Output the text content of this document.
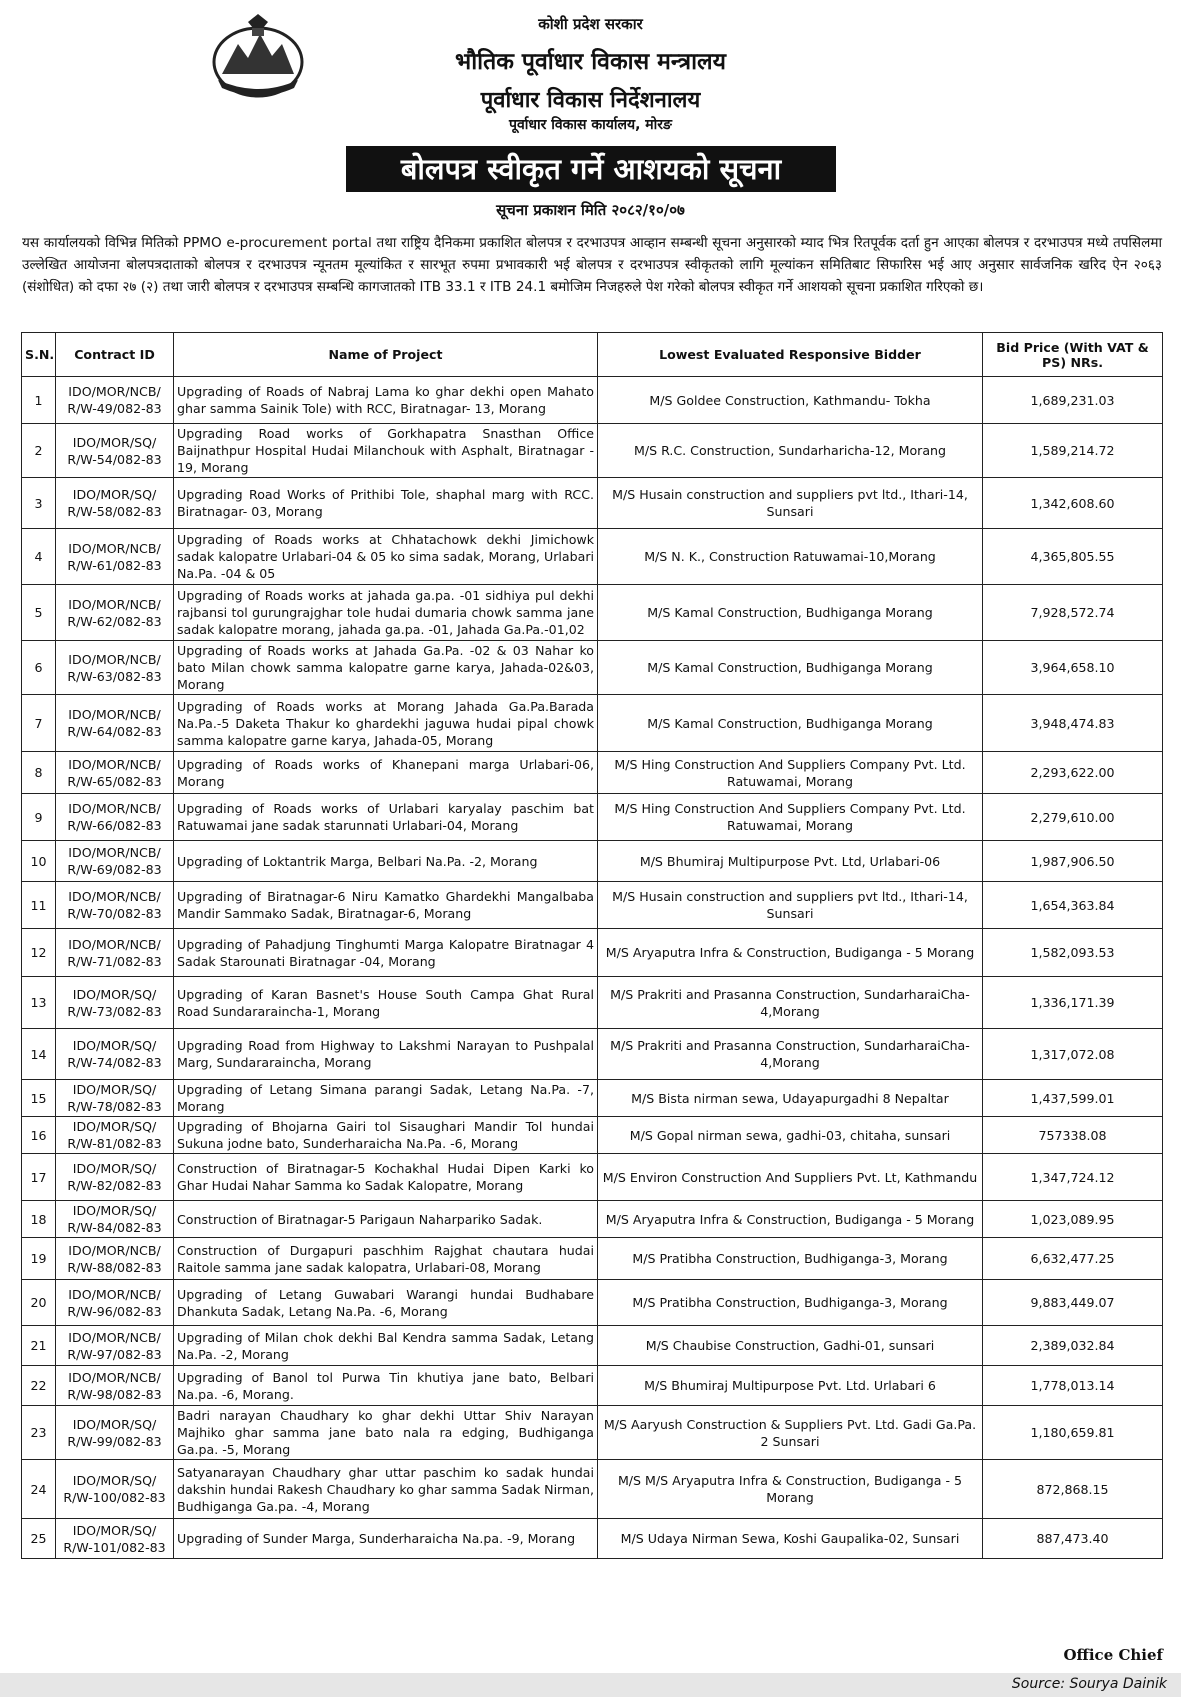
कोशी प्रदेश सरकार
भौतिक पूर्वाधार विकास मन्त्रालय
पूर्वाधार विकास निर्देशनालय
पूर्वाधार विकास कार्यालय, मोरङ
बोलपत्र स्वीकृत गर्ने आशयको सूचना
सूचना प्रकाशन मिति २०८२/१०/०७
यस कार्यालयको विभिन्न मितिको PPMO e-procurement portal तथा राष्ट्रिय दैनिकमा प्रकाशित बोलपत्र र दरभाउपत्र आव्हान सम्बन्धी सूचना अनुसारको म्याद भित्र रितपूर्वक दर्ता हुन आएका बोलपत्र र दरभाउपत्र मध्ये तपसिलमा उल्लेखित आयोजना बोलपत्रदाताको बोलपत्र र दरभाउपत्र न्यूनतम मूल्यांकित र सारभूत रुपमा प्रभावकारी भई बोलपत्र र दरभाउपत्र स्वीकृतको लागि मूल्यांकन समितिबाट सिफारिस भई आए अनुसार सार्वजनिक खरिद ऐन २०६३ (संशोधित) को दफा २७ (२) तथा जारी बोलपत्र र दरभाउपत्र सम्बन्धि कागजातको ITB 33.1 र ITB 24.1 बमोजिम निजहरुले पेश गरेको बोलपत्र स्वीकृत गर्ने आशयको सूचना प्रकाशित गरिएको छ।
S.N.	Contract ID	Name of Project	Lowest Evaluated Responsive Bidder	Bid Price (With VAT & PS) NRs.
1	IDO/MOR/NCB/ R/W-49/082-83	Upgrading of Roads of Nabraj Lama ko ghar dekhi open Mahato ghar samma Sainik Tole) with RCC, Biratnagar- 13, Morang	M/S Goldee Construction, Kathmandu- Tokha	1,689,231.03
2	IDO/MOR/SQ/ R/W-54/082-83	Upgrading Road works of Gorkhapatra Snasthan Office Baijnathpur Hospital Hudai Milanchouk with Asphalt, Biratnagar - 19, Morang	M/S R.C. Construction, Sundarharicha-12, Morang	1,589,214.72
3	IDO/MOR/SQ/ R/W-58/082-83	Upgrading Road Works of Prithibi Tole, shaphal marg with RCC. Biratnagar- 03, Morang	M/S Husain construction and suppliers pvt ltd., Ithari-14, Sunsari	1,342,608.60
4	IDO/MOR/NCB/ R/W-61/082-83	Upgrading of Roads works at Chhatachowk dekhi Jimichowk sadak kalopatre Urlabari-04 & 05 ko sima sadak, Morang, Urlabari Na.Pa. -04 & 05	M/S N. K., Construction Ratuwamai-10,Morang	4,365,805.55
5	IDO/MOR/NCB/ R/W-62/082-83	Upgrading of Roads works at jahada ga.pa. -01 sidhiya pul dekhi rajbansi tol gurungrajghar tole hudai dumaria chowk samma jane sadak kalopatre morang, jahada ga.pa. -01, Jahada Ga.Pa.-01,02	M/S Kamal Construction, Budhiganga Morang	7,928,572.74
6	IDO/MOR/NCB/ R/W-63/082-83	Upgrading of Roads works at Jahada Ga.Pa. -02 & 03 Nahar ko bato Milan chowk samma kalopatre garne karya, Jahada-02&03, Morang	M/S Kamal Construction, Budhiganga Morang	3,964,658.10
7	IDO/MOR/NCB/ R/W-64/082-83	Upgrading of Roads works at Morang Jahada Ga.Pa.Barada Na.Pa.-5 Daketa Thakur ko ghardekhi jaguwa hudai pipal chowk samma kalopatre garne karya, Jahada-05, Morang	M/S Kamal Construction, Budhiganga Morang	3,948,474.83
8	IDO/MOR/NCB/ R/W-65/082-83	Upgrading of Roads works of Khanepani marga Urlabari-06, Morang	M/S Hing Construction And Suppliers Company Pvt. Ltd. Ratuwamai, Morang	2,293,622.00
9	IDO/MOR/NCB/ R/W-66/082-83	Upgrading of Roads works of Urlabari karyalay paschim bat Ratuwamai jane sadak starunnati Urlabari-04, Morang	M/S Hing Construction And Suppliers Company Pvt. Ltd. Ratuwamai, Morang	2,279,610.00
10	IDO/MOR/NCB/ R/W-69/082-83	Upgrading of Loktantrik Marga, Belbari Na.Pa. -2, Morang	M/S Bhumiraj Multipurpose Pvt. Ltd, Urlabari-06	1,987,906.50
11	IDO/MOR/NCB/ R/W-70/082-83	Upgrading of Biratnagar-6 Niru Kamatko Ghardekhi Mangalbaba Mandir Sammako Sadak, Biratnagar-6, Morang	M/S Husain construction and suppliers pvt ltd., Ithari-14, Sunsari	1,654,363.84
12	IDO/MOR/NCB/ R/W-71/082-83	Upgrading of Pahadjung Tinghumti Marga Kalopatre Biratnagar 4 Sadak Starounati Biratnagar -04, Morang	M/S Aryaputra Infra & Construction, Budiganga - 5 Morang	1,582,093.53
13	IDO/MOR/SQ/ R/W-73/082-83	Upgrading of Karan Basnet's House South Campa Ghat Rural Road Sundararaincha-1, Morang	M/S Prakriti and Prasanna Construction, SundarharaiCha- 4,Morang	1,336,171.39
14	IDO/MOR/SQ/ R/W-74/082-83	Upgrading Road from Highway to Lakshmi Narayan to Pushpalal Marg, Sundararaincha, Morang	M/S Prakriti and Prasanna Construction, SundarharaiCha- 4,Morang	1,317,072.08
15	IDO/MOR/SQ/ R/W-78/082-83	Upgrading of Letang Simana parangi Sadak, Letang Na.Pa. -7, Morang	M/S Bista nirman sewa, Udayapurgadhi 8 Nepaltar	1,437,599.01
16	IDO/MOR/SQ/ R/W-81/082-83	Upgrading of Bhojarna Gairi tol Sisaughari Mandir Tol hundai Sukuna jodne bato, Sunderharaicha Na.Pa. -6, Morang	M/S Gopal nirman sewa, gadhi-03, chitaha, sunsari	757338.08
17	IDO/MOR/SQ/ R/W-82/082-83	Construction of Biratnagar-5 Kochakhal Hudai Dipen Karki ko Ghar Hudai Nahar Samma ko Sadak Kalopatre, Morang	M/S Environ Construction And Suppliers Pvt. Lt, Kathmandu	1,347,724.12
18	IDO/MOR/SQ/ R/W-84/082-83	Construction of Biratnagar-5 Parigaun Naharpariko Sadak.	M/S Aryaputra Infra & Construction, Budiganga - 5 Morang	1,023,089.95
19	IDO/MOR/NCB/ R/W-88/082-83	Construction of Durgapuri paschhim Rajghat chautara hudai Raitole samma jane sadak kalopatra, Urlabari-08, Morang	M/S Pratibha Construction, Budhiganga-3, Morang	6,632,477.25
20	IDO/MOR/NCB/ R/W-96/082-83	Upgrading of Letang Guwabari Warangi hundai Budhabare Dhankuta Sadak, Letang Na.Pa. -6, Morang	M/S Pratibha Construction, Budhiganga-3, Morang	9,883,449.07
21	IDO/MOR/NCB/ R/W-97/082-83	Upgrading of Milan chok dekhi Bal Kendra samma Sadak, Letang Na.Pa. -2, Morang	M/S Chaubise Construction, Gadhi-01, sunsari	2,389,032.84
22	IDO/MOR/NCB/ R/W-98/082-83	Upgrading of Banol tol Purwa Tin khutiya jane bato, Belbari Na.pa. -6, Morang.	M/S Bhumiraj Multipurpose Pvt. Ltd. Urlabari 6	1,778,013.14
23	IDO/MOR/SQ/ R/W-99/082-83	Badri narayan Chaudhary ko ghar dekhi Uttar Shiv Narayan Majhiko ghar samma jane bato nala ra edging, Budhiganga Ga.pa. -5, Morang	M/S Aaryush Construction & Suppliers Pvt. Ltd. Gadi Ga.Pa. 2 Sunsari	1,180,659.81
24	IDO/MOR/SQ/ R/W-100/082-83	Satyanarayan Chaudhary ghar uttar paschim ko sadak hundai dakshin hundai Rakesh Chaudhary ko ghar samma Sadak Nirman, Budhiganga Ga.pa. -4, Morang	M/S M/S Aryaputra Infra & Construction, Budiganga - 5 Morang	872,868.15
25	IDO/MOR/SQ/ R/W-101/082-83	Upgrading of Sunder Marga, Sunderharaicha Na.pa. -9, Morang	M/S Udaya Nirman Sewa, Koshi Gaupalika-02, Sunsari	887,473.40
Office Chief
Source: Sourya Dainik
